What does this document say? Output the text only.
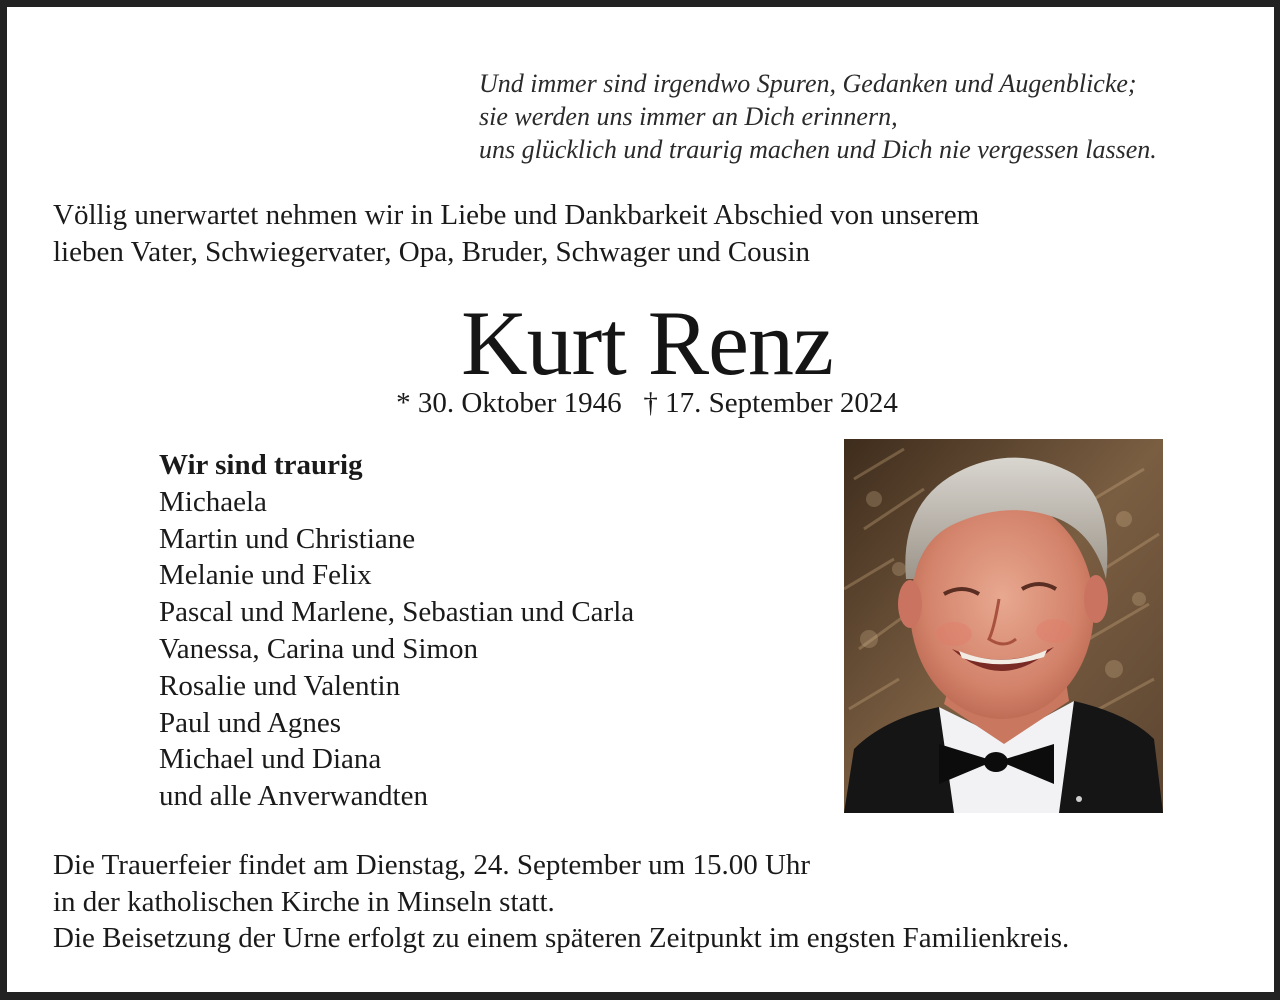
Und immer sind irgendwo Spuren, Gedanken und Augenblicke;
sie werden uns immer an Dich erinnern,
uns glücklich und traurig machen und Dich nie vergessen lassen.
Völlig unerwartet nehmen wir in Liebe und Dankbarkeit Abschied von unserem
lieben Vater, Schwiegervater, Opa, Bruder, Schwager und Cousin
Kurt Renz
* 30. Oktober 1946   † 17. September 2024
Wir sind traurig
Michaela
Martin und Christiane
Melanie und Felix
Pascal und Marlene, Sebastian und Carla
Vanessa, Carina und Simon
Rosalie und Valentin
Paul und Agnes
Michael und Diana
und alle Anverwandten
Die Trauerfeier findet am Dienstag, 24. September um 15.00 Uhr
in der katholischen Kirche in Minseln statt.
Die Beisetzung der Urne erfolgt zu einem späteren Zeitpunkt im engsten Familienkreis.
